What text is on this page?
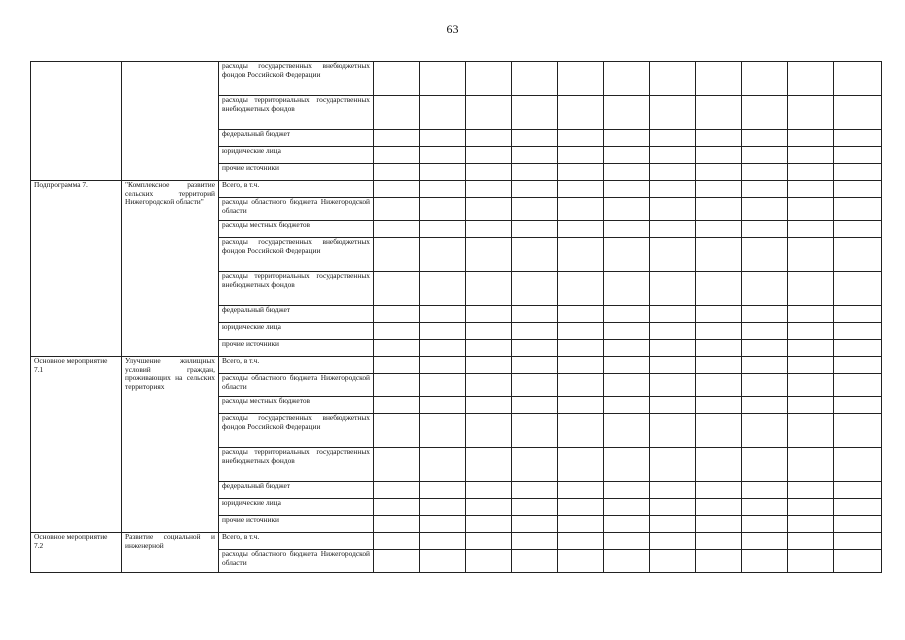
63
		расходы государственных внебюджетных фондов Российской Федерации											
		расходы территориальных государственных внебюджетных фондов											
		федеральный бюджет											
		юридические лица											
		прочие источники											
Подпрограмма 7.	"Комплексное развитие сельских территорий Нижегородской области"	Всего, в т.ч.											
		расходы областного бюджета Нижегородской области											
		расходы местных бюджетов											
		расходы государственных внебюджетных фондов Российской Федерации											
		расходы территориальных государственных внебюджетных фондов											
		федеральный бюджет											
		юридические лица											
		прочие источники											
Основное мероприятие 7.1	Улучшение жилищных условий граждан, проживающих на сельских территориях	Всего, в т.ч.											
		расходы областного бюджета Нижегородской области											
		расходы местных бюджетов											
		расходы государственных внебюджетных фондов Российской Федерации											
		расходы территориальных государственных внебюджетных фондов											
		федеральный бюджет											
		юридические лица											
		прочие источники											
Основное мероприятие 7.2	Развитие социальной и инженерной	Всего, в т.ч.											
		расходы областного бюджета Нижегородской области											
